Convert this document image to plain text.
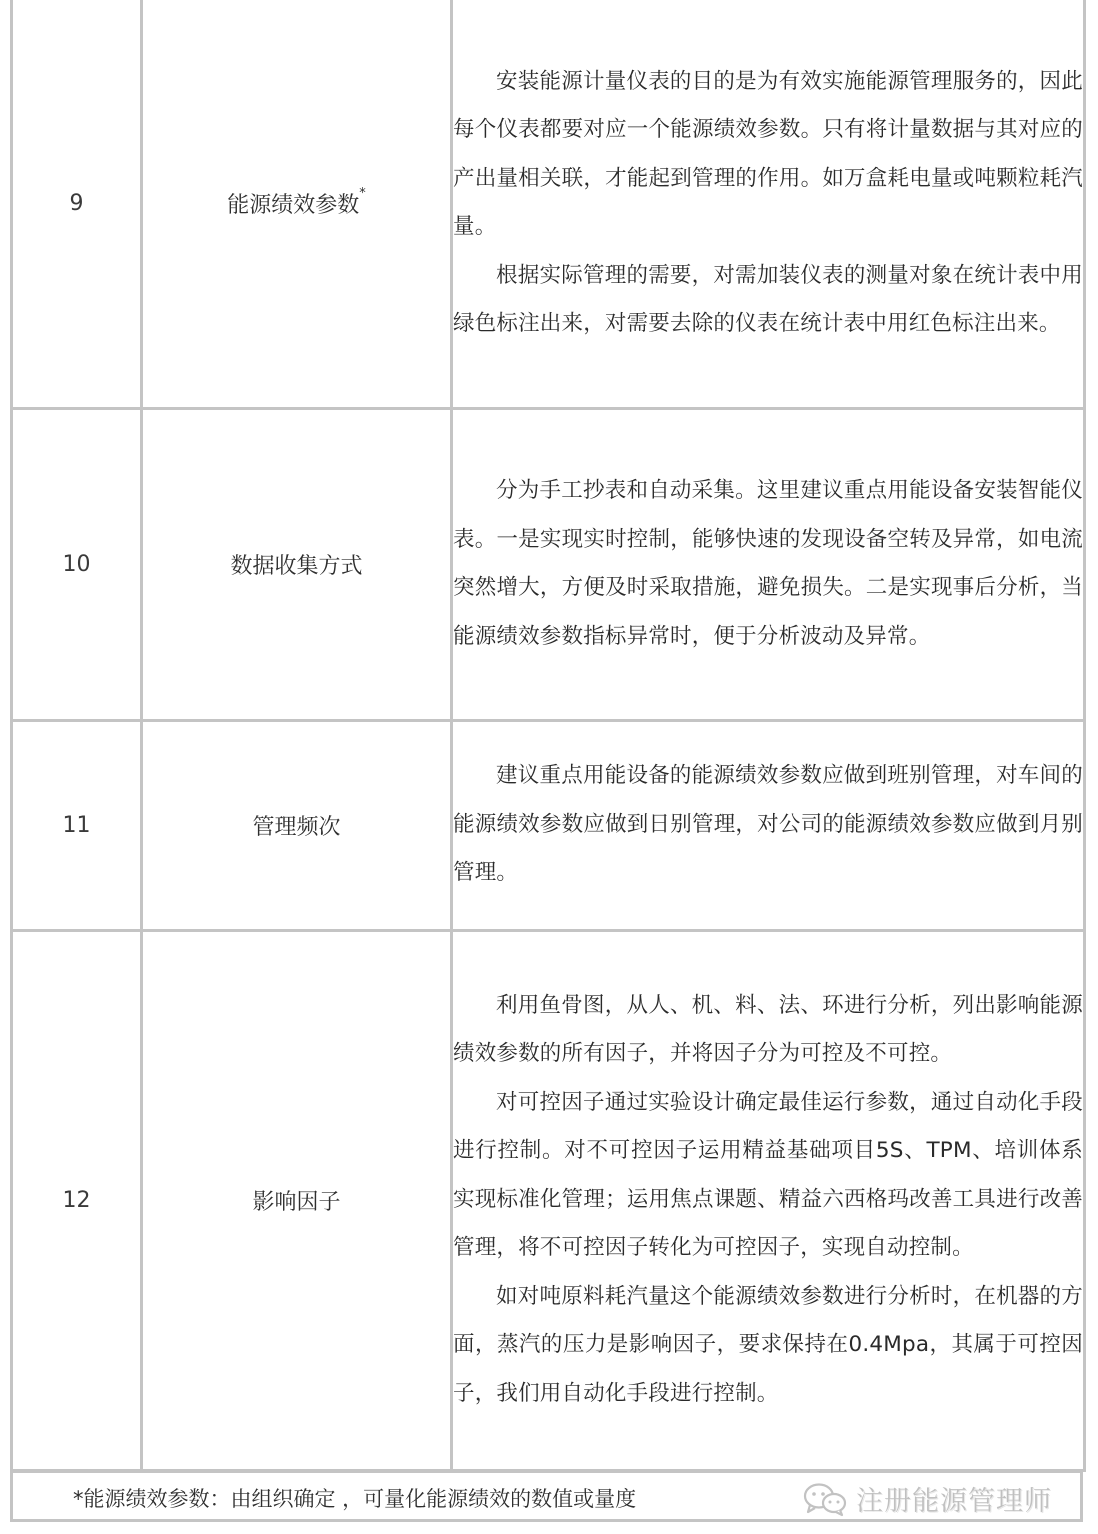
9	能源绩效参数*	安装能源计量仪表的目的是为有效实施能源管理服务的，因此每个仪表都要对应一个能源绩效参数。只有将计量数据与其对应的产出量相关联，才能起到管理的作用。如万盒耗电量或吨颗粒耗汽量。

根据实际管理的需要，对需加装仪表的测量对象在统计表中用绿色标注出来，对需要去除的仪表在统计表中用红色标注出来。

10	数据收集方式	分为手工抄表和自动采集。这里建议重点用能设备安装智能仪表。一是实现实时控制，能够快速的发现设备空转及异常，如电流突然增大，方便及时采取措施，避免损失。二是实现事后分析，当能源绩效参数指标异常时，便于分析波动及异常。

11	管理频次	建议重点用能设备的能源绩效参数应做到班别管理，对车间的能源绩效参数应做到日别管理，对公司的能源绩效参数应做到月别管理。

12	影响因子	利用鱼骨图，从人、机、料、法、环进行分析，列出影响能源绩效参数的所有因子，并将因子分为可控及不可控。

对可控因子通过实验设计确定最佳运行参数，通过自动化手段进行控制。对不可控因子运用精益基础项目5S、TPM、培训体系实现标准化管理；运用焦点课题、精益六西格玛改善工具进行改善管理，将不可控因子转化为可控因子，实现自动控制。

如对吨原料耗汽量这个能源绩效参数进行分析时，在机器的方面，蒸汽的压力是影响因子，要求保持在0.4Mpa，其属于可控因子，我们用自动化手段进行控制。

*能源绩效参数：由组织确定 ，可量化能源绩效的数值或量度	注册能源管理师
